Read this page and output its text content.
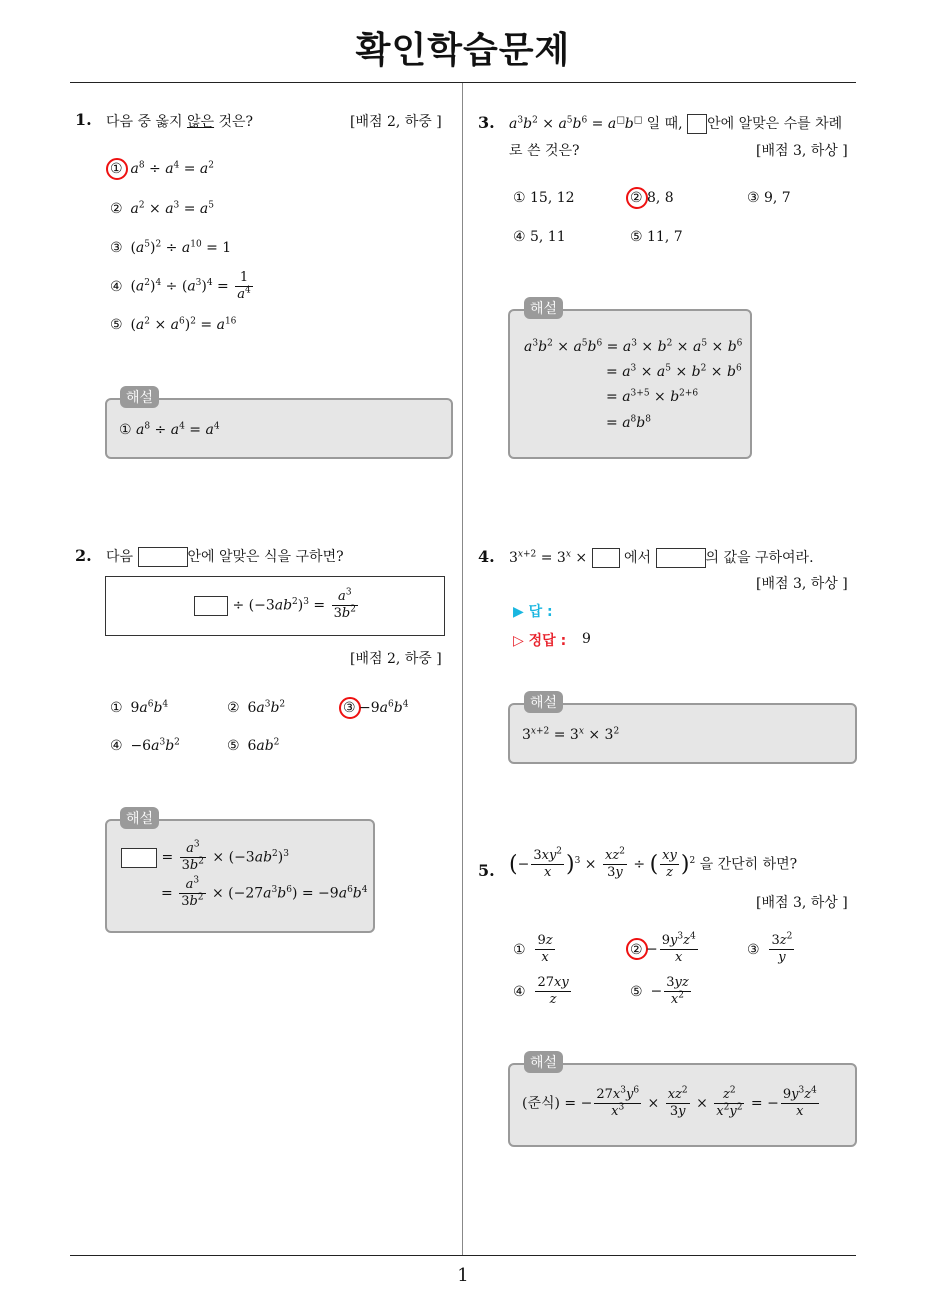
확인학습문제
1
1. 다음 중 옳지 않은 것은?	[배점 2, 하중 ]
① $a^8 \div a^4 = a^2$
② $a^2 \times a^3 = a^5$
③ $(a^5)^2 \div a^{10} = 1$
④ $(a^2)^4 \div (a^3)^4 = \frac{1}{a^4}$
⑤ $(a^2 \times a^6)^2 = a^{16}$
① $a^8 \div a^4 = a^4$
해설
2. 다음	안에 알맞은 식을 구하면?
÷ $(-3ab^2)^3 = \frac{a^3}{3b^2}$
[배점 2, 하중 ]
① $9a^6b^4$	② $6a^3b^2$	③ $-9a^6b^4$
④ $-6a^3b^2$	⑤ $6ab^2$
= $\frac{a^3}{3b^2} \times (-3ab^2)^3$
= $\frac{a^3}{3b^2} \times (-27a^3b^6) = -9a^6b^4$
해설
3. $a^3b^2 \times a^5b^6 = a^□b^□$ 일 때, 안에 알맞은 수를 차례
로 쓴 것은?	[배점 3, 하상 ]
① 15, 12	② 8, 8	③ 9, 7
④ 5, 11	⑤ 11, 7
$a^3b^2 \times a^5b^6 = a^3 \times b^2 \times a^5 \times b^6$
= $a^3 \times a^5 \times b^2 \times b^6$
= $a^{3+5} \times b^{2+6}$
= $a^8b^8$
해설
4. $3^{x+2} = 3^x$ ×  에서	의 값을 구하여라.
[배점 3, 하상 ]
▶ 답 :
▷ 정답 : 9
$3^{x+2} = 3^x \times 3^2$
해설
5. (− $\frac{3xy^2}{x} )^3 \times \frac{xz^2}{3y}$ ÷ ( $\frac{xy}{z} )^2$ 을 간단히 하면?
[배점 3, 하상 ]
① $\frac{9z}{x}$	② − $\frac{9y^3z^4}{x}$	③ $\frac{3z^2}{y}$
④ $\frac{27xy}{z}$	⑤ − $\frac{3yz}{x^2}$
(준식) = − $\frac{27x^3y^6}{x^3} \times \frac{xz^2}{3y} \times \frac{z^2}{x^2y^2}$ = − $\frac{9y^3z^4}{x}$
해설
